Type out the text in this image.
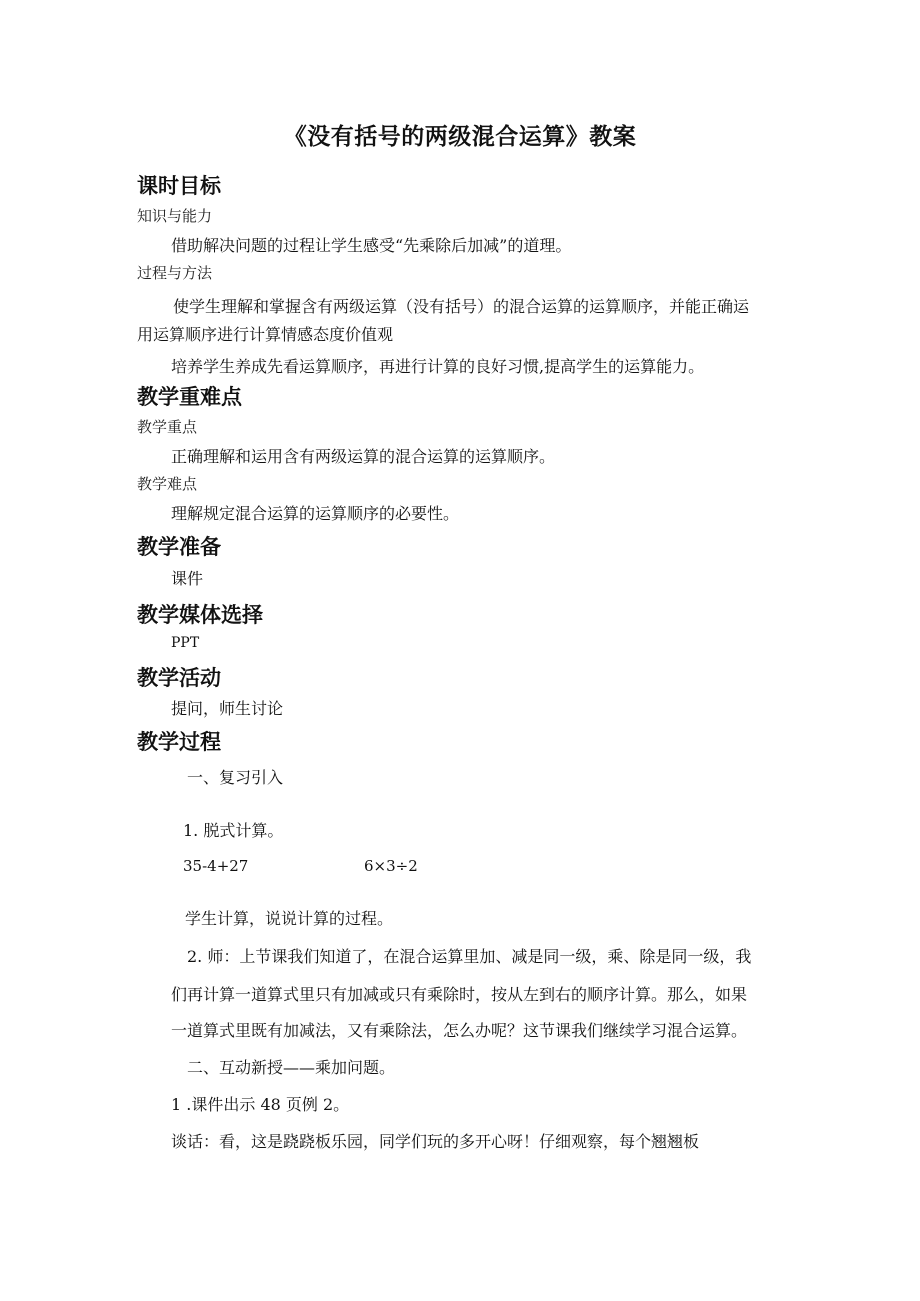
《没有括号的两级混合运算》教案
课时目标
知识与能力
借助解决问题的过程让学生感受“先乘除后加减”的道理。
过程与方法
使学生理解和掌握含有两级运算（没有括号）的混合运算的运算顺序，并能正确运
用运算顺序进行计算情感态度价值观
培养学生养成先看运算顺序，再进行计算的良好习惯,提高学生的运算能力。
教学重难点
教学重点
正确理解和运用含有两级运算的混合运算的运算顺序。
教学难点
理解规定混合运算的运算顺序的必要性。
教学准备
课件
教学媒体选择
PPT
教学活动
提问，师生讨论
教学过程
一、复习引入
1. 脱式计算。
35-4+27	6×3÷2
学生计算，说说计算的过程。
2. 师：上节课我们知道了，在混合运算里加、减是同一级，乘、除是同一级，我
们再计算一道算式里只有加减或只有乘除时，按从左到右的顺序计算。那么，如果
一道算式里既有加减法，又有乘除法，怎么办呢？这节课我们继续学习混合运算。
二、互动新授——乘加问题。
1 .课件出示 48 页例 2。
谈话：看，这是跷跷板乐园，同学们玩的多开心呀！仔细观察，每个翘翘板
